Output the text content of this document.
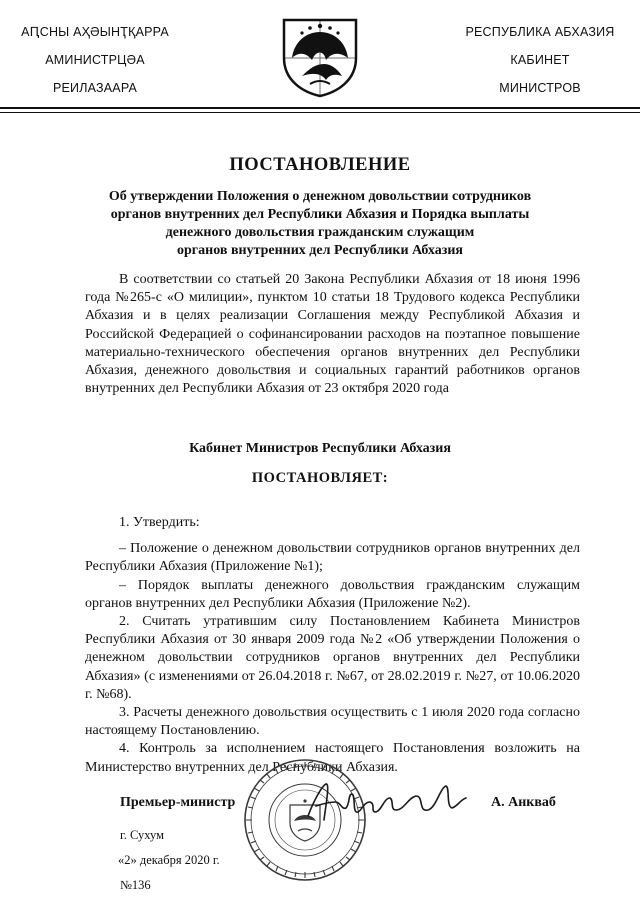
АԤСНЫ АҲӘЫНҬҚАРРА
АМИНИСТРЦӘА
РЕИЛАЗААРА
РЕСПУБЛИКА АБХАЗИЯ
КАБИНЕТ
МИНИСТРОВ
ПОСТАНОВЛЕНИЕ
Об утверждении Положения о денежном довольствии сотрудников
органов внутренних дел Республики Абхазия и Порядка выплаты
денежного довольствия гражданским служащим
органов внутренних дел Республики Абхазия

В соответствии со статьей 20 Закона Республики Абхазия от 18 июня 1996 года №265-с «О милиции», пунктом 10 статьи 18 Трудового кодекса Республики Абхазия и в целях реализации Соглашения между Республикой Абхазия и Российской Федерацией о софинансировании расходов на поэтапное повышение материально-технического обеспечения органов внутренних дел Республики Абхазия, денежного довольствия и социальных гарантий работников органов внутренних дел Республики Абхазия от 23 октября 2020 года

Кабинет Министров Республики Абхазия
ПОСТАНОВЛЯЕТ:

1. Утвердить:

– Положение о денежном довольствии сотрудников органов внутренних дел Республики Абхазия (Приложение №1);

– Порядок выплаты денежного довольствия гражданским служащим органов внутренних дел Республики Абхазия (Приложение №2).

2. Считать утратившим силу Постановлением Кабинета Министров Республики Абхазия от 30 января 2009 года №2 «Об утверждении Положения о денежном довольствии сотрудников органов внутренних дел Республики Абхазия» (с изменениями от 26.04.2018 г. №67, от 28.02.2019 г. №27, от 10.06.2020 г. №68).

3. Расчеты денежного довольствия осуществить с 1 июля 2020 года согласно настоящему Постановлению.

4. Контроль за исполнением настоящего Постановления возложить на Министерство внутренних дел Республики Абхазия.

Премьер-министр	А. Анкваб
г. Сухум
«2» декабря 2020 г.
№136
